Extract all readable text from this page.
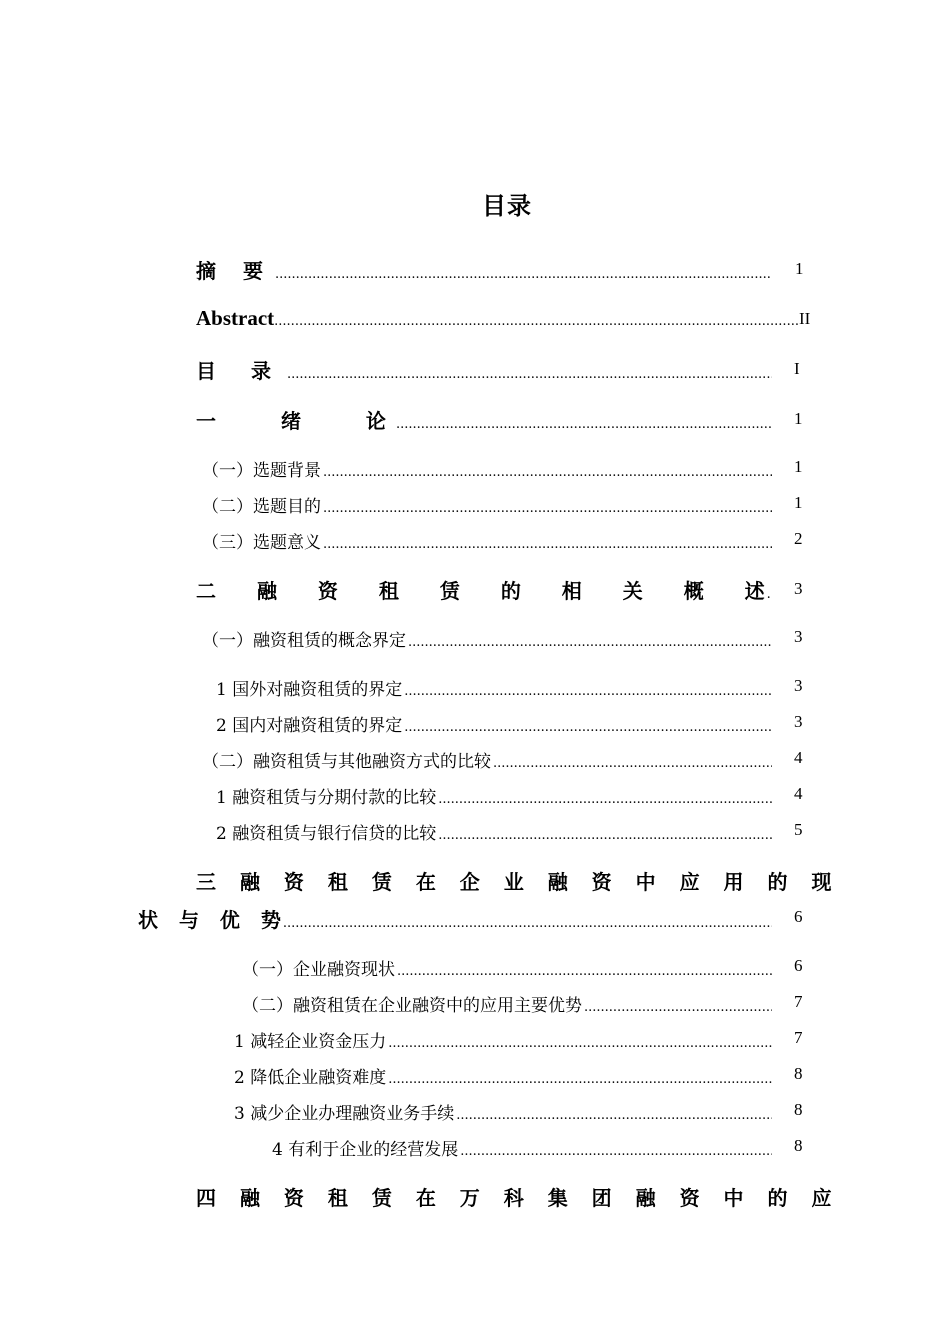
目录
摘 要 .....	1
Abstract .....	II
目 录 .....	I
一 绪 论 .....	1
（一）选题背景 .....	1
（二）选题目的 .....	1
（三）选题意义 .....	2
二 融 资 租 赁 的 相 关 概 述 ..... 3
（一）融资租赁的概念界定 .....	3
1 国外对融资租赁的界定 .....	3
2 国内对融资租赁的界定 .....	3
（二）融资租赁与其他融资方式的比较 .....	4
1 融资租赁与分期付款的比较 .....	4
2 融资租赁与银行信贷的比较 .....	5
三 融 资 租 赁 在 企 业 融 资 中 应 用 的 现
状 与 优 势 .....	6
（一）企业融资现状 .....	6
（二）融资租赁在企业融资中的应用主要优势 .....	7
1 减轻企业资金压力 .....	7
2 降低企业融资难度 .....	8
3 减少企业办理融资业务手续 .....	8
4 有利于企业的经营发展 .....	8
四 融 资 租 赁 在 万 科 集 团 融 资 中 的 应
